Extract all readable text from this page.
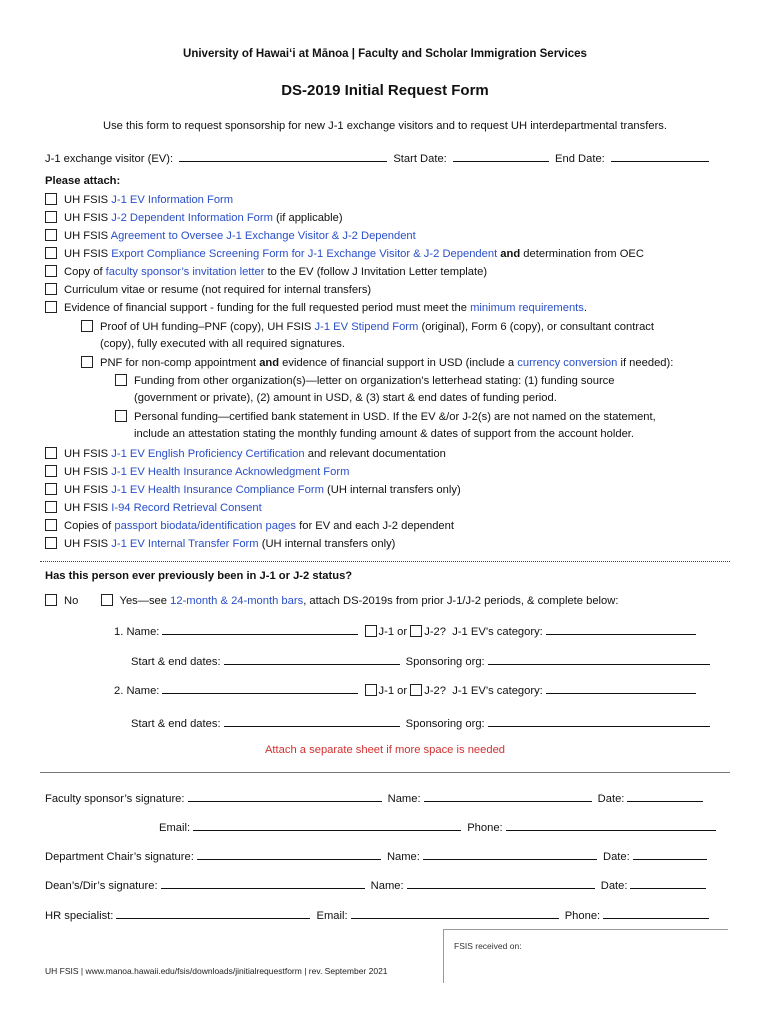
University of Hawaiʻi at Mānoa | Faculty and Scholar Immigration Services
DS-2019 Initial Request Form
Use this form to request sponsorship for new J-1 exchange visitors and to request UH interdepartmental transfers.
J-1 exchange visitor (EV):	Start Date:	End Date:
Please attach:
UH FSIS J-1 EV Information Form
UH FSIS J-2 Dependent Information Form (if applicable)
UH FSIS Agreement to Oversee J-1 Exchange Visitor & J-2 Dependent
UH FSIS Export Compliance Screening Form for J-1 Exchange Visitor & J-2 Dependent and determination from OEC
Copy of faculty sponsor’s invitation letter to the EV (follow J Invitation Letter template)
Curriculum vitae or resume (not required for internal transfers)
Evidence of financial support - funding for the full requested period must meet the minimum requirements.
Proof of UH funding–PNF (copy), UH FSIS J-1 EV Stipend Form (original), Form 6 (copy), or consultant contract
(copy), fully executed with all required signatures.
PNF for non-comp appointment and evidence of financial support in USD (include a currency conversion if needed):
Funding from other organization(s)—letter on organization’s letterhead stating: (1) funding source
(government or private), (2) amount in USD, & (3) start & end dates of funding period.
Personal funding—certified bank statement in USD. If the EV &/or J-2(s) are not named on the statement,
include an attestation stating the monthly funding amount & dates of support from the account holder.
UH FSIS J-1 EV English Proficiency Certification and relevant documentation
UH FSIS J-1 EV Health Insurance Acknowledgment Form
UH FSIS J-1 EV Health Insurance Compliance Form (UH internal transfers only)
UH FSIS I-94 Record Retrieval Consent
Copies of passport biodata/identification pages for EV and each J-2 dependent
UH FSIS J-1 EV Internal Transfer Form (UH internal transfers only)
Has this person ever previously been in J-1 or J-2 status?
No	Yes—see 12-month & 24-month bars, attach DS-2019s from prior J-1/J-2 periods, & complete below:
1. Name:	J-1 or J-2? J-1 EV’s category:
Start & end dates:	Sponsoring org:
2. Name:	J-1 or J-2? J-1 EV’s category:
Start & end dates:	Sponsoring org:
Attach a separate sheet if more space is needed
Faculty sponsor’s signature:	Name:	Date:
Email:	Phone:
Department Chair’s signature:	Name:	Date:
Dean’s/Dir’s signature:	Name:	Date:
HR specialist:	Email:	Phone:
FSIS received on:
UH FSIS | www.manoa.hawaii.edu/fsis/downloads/jinitialrequestform | rev. September 2021
